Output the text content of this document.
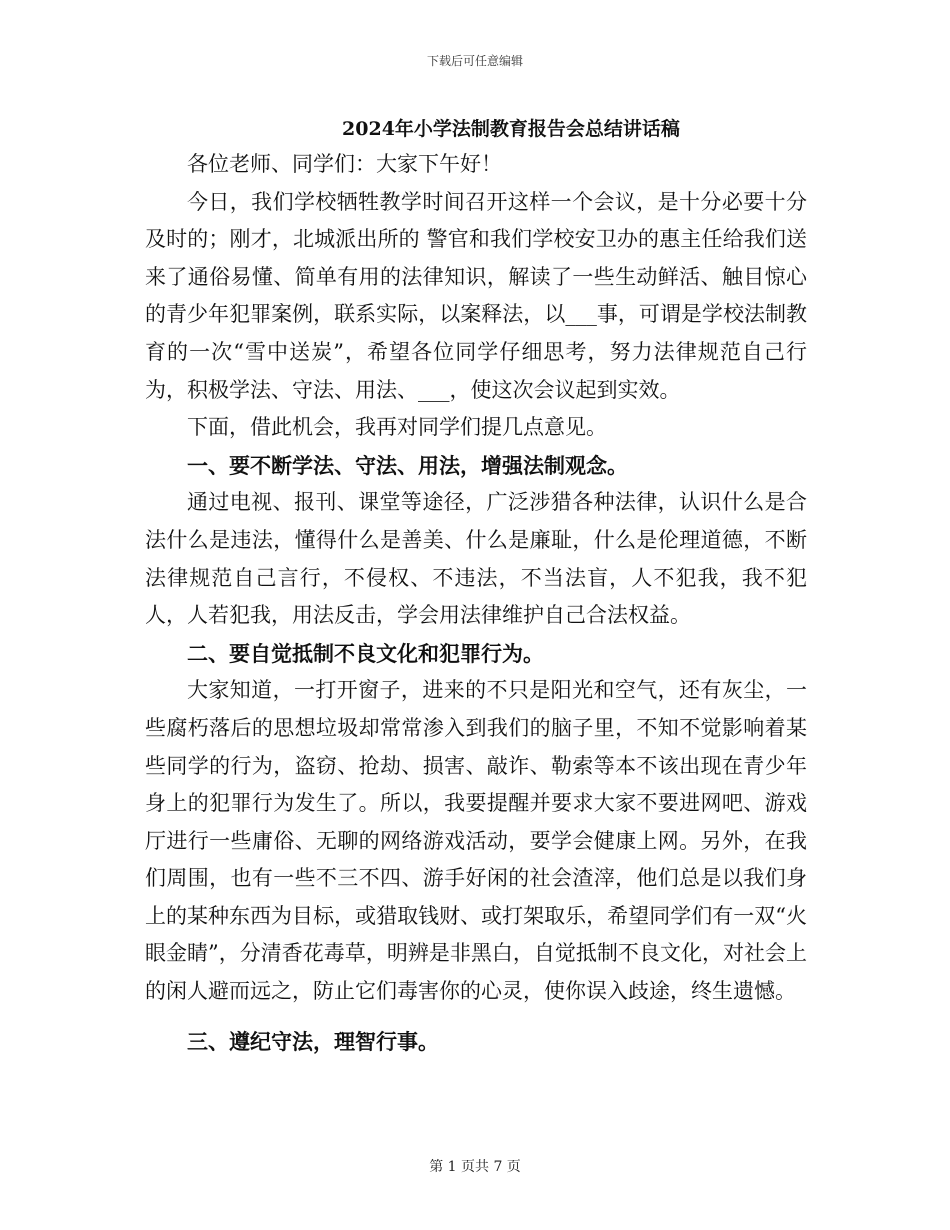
下载后可任意编辑
2024年小学法制教育报告会总结讲话稿

各位老师、同学们：大家下午好！

今日，我们学校牺牲教学时间召开这样一个会议，是十分必要十分及时的；刚才，北城派出所的 警官和我们学校安卫办的惠主任给我们送来了通俗易懂、简单有用的法律知识，解读了一些生动鲜活、触目惊心的青少年犯罪案例，联系实际，以案释法，以___事，可谓是学校法制教育的一次“雪中送炭”，希望各位同学仔细思考，努力法律规范自己行为，积极学法、守法、用法、___，使这次会议起到实效。

下面，借此机会，我再对同学们提几点意见。

一、要不断学法、守法、用法，增强法制观念。

通过电视、报刊、课堂等途径，广泛涉猎各种法律，认识什么是合法什么是违法，懂得什么是善美、什么是廉耻，什么是伦理道德，不断法律规范自己言行，不侵权、不违法，不当法盲，人不犯我，我不犯人，人若犯我，用法反击，学会用法律维护自己合法权益。

二、要自觉抵制不良文化和犯罪行为。

大家知道，一打开窗子，进来的不只是阳光和空气，还有灰尘，一些腐朽落后的思想垃圾却常常渗入到我们的脑子里，不知不觉影响着某些同学的行为，盗窃、抢劫、损害、敲诈、勒索等本不该出现在青少年身上的犯罪行为发生了。所以，我要提醒并要求大家不要进网吧、游戏厅进行一些庸俗、无聊的网络游戏活动，要学会健康上网。另外，在我们周围，也有一些不三不四、游手好闲的社会渣滓，他们总是以我们身上的某种东西为目标，或猎取钱财、或打架取乐，希望同学们有一双“火眼金睛”，分清香花毒草，明辨是非黑白，自觉抵制不良文化，对社会上的闲人避而远之，防止它们毒害你的心灵，使你误入歧途，终生遗憾。

三、遵纪守法，理智行事。

第 1 页共 7 页
